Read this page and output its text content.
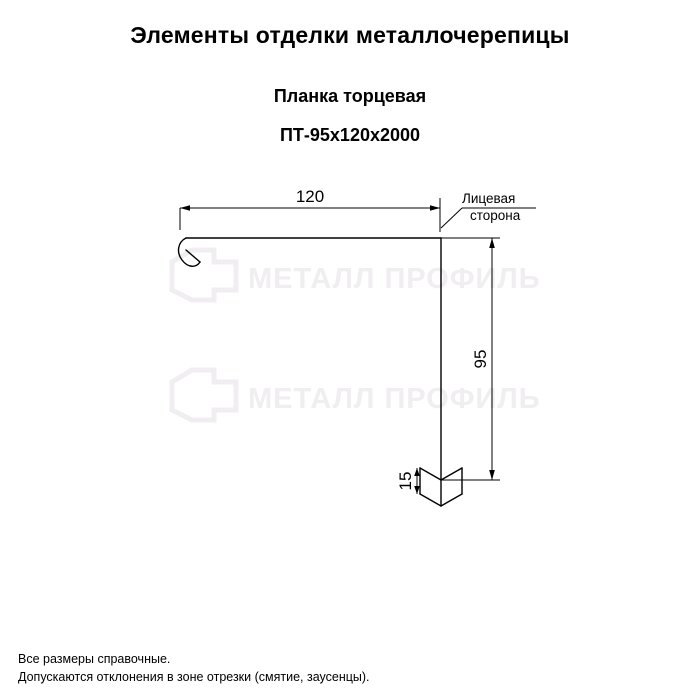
МЕТАЛЛ ПРОФИЛЬ
МЕТАЛЛ ПРОФИЛЬ
Элементы отделки металлочерепицы
Планка торцевая
ПТ-95x120x2000
120	Лицевая
сторона
95
15
Все размеры справочные.
Допускаются отклонения в зоне отрезки (смятие, заусенцы).
